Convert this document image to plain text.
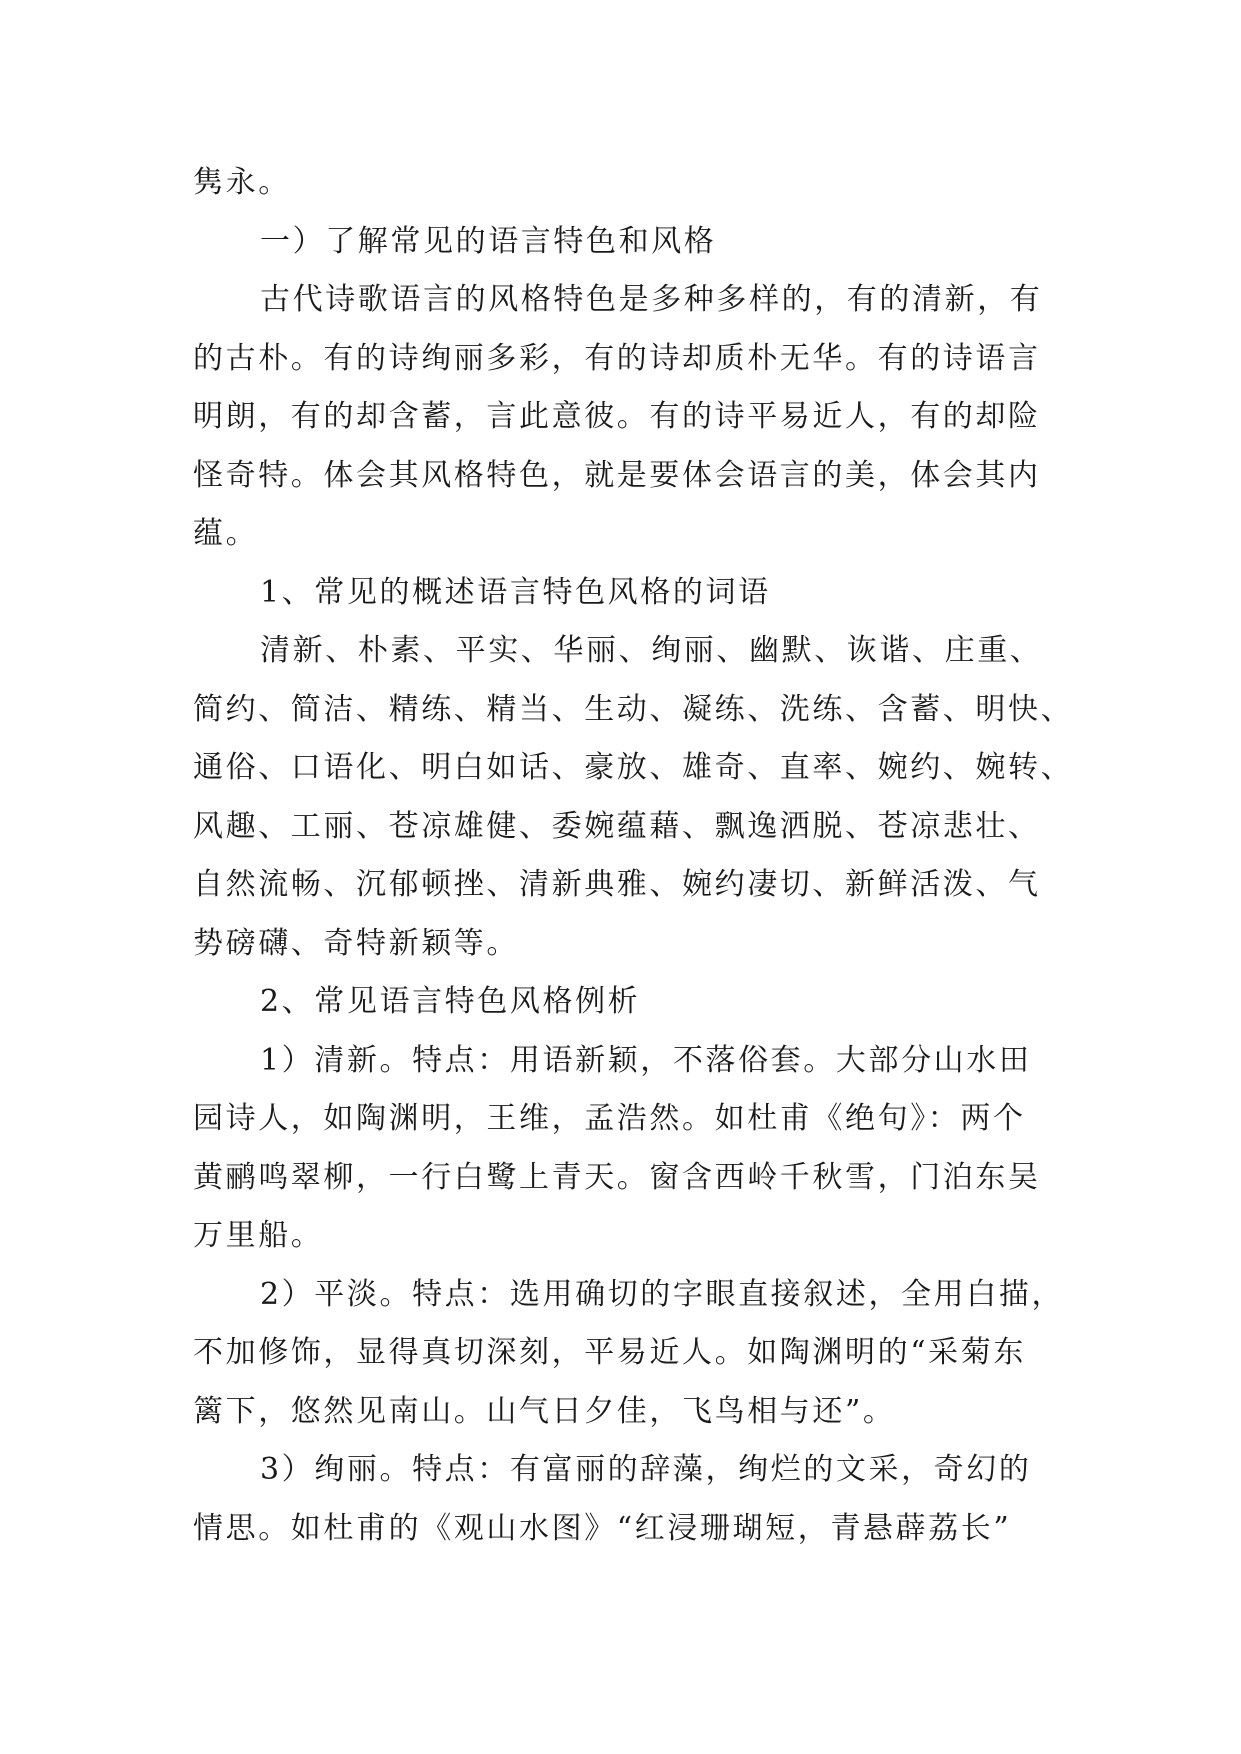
隽永。
一）了解常见的语言特色和风格
古代诗歌语言的风格特色是多种多样的，有的清新，有
的古朴。有的诗绚丽多彩，有的诗却质朴无华。有的诗语言
明朗，有的却含蓄，言此意彼。有的诗平易近人，有的却险
怪奇特。体会其风格特色，就是要体会语言的美，体会其内
蕴。
1、常见的概述语言特色风格的词语
清新、朴素、平实、华丽、绚丽、幽默、诙谐、庄重、
简约、简洁、精练、精当、生动、凝练、洗练、含蓄、明快、
通俗、口语化、明白如话、豪放、雄奇、直率、婉约、婉转、
风趣、工丽、苍凉雄健、委婉蕴藉、飘逸洒脱、苍凉悲壮、
自然流畅、沉郁顿挫、清新典雅、婉约凄切、新鲜活泼、气
势磅礴、奇特新颖等。
2、常见语言特色风格例析
1）清新。特点：用语新颖，不落俗套。大部分山水田
园诗人，如陶渊明，王维，孟浩然。如杜甫《绝句》：两个
黄鹂鸣翠柳，一行白鹭上青天。窗含西岭千秋雪，门泊东吴
万里船。
2）平淡。特点：选用确切的字眼直接叙述，全用白描，
不加修饰，显得真切深刻，平易近人。如陶渊明的“采菊东
篱下，悠然见南山。山气日夕佳，飞鸟相与还”。
3）绚丽。特点：有富丽的辞藻，绚烂的文采，奇幻的
情思。如杜甫的《观山水图》“红浸珊瑚短，青悬薜荔长”
